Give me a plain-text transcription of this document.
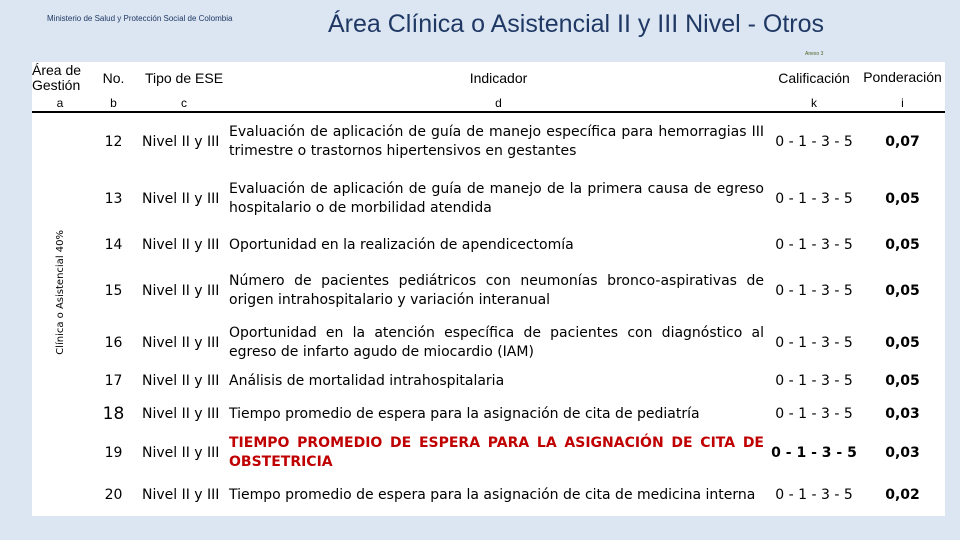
Ministerio de Salud y Protección Social de Colombia	Área Clínica o Asistencial II y III Nivel - Otros
Anexo 3
Área de Gestión	No.	Tipo de ESE	Indicador	Calificación	Ponderación
a	b	c	d	k	i
Clínica o Asistencial 40%	12	Nivel II y III	Evaluación de aplicación de guía de manejo específica para hemorragias III trimestre o trastornos hipertensivos en gestantes	0 - 1 - 3 - 5	0,07
	13	Nivel II y III	Evaluación de aplicación de guía de manejo de la primera causa de egreso hospitalario o de morbilidad atendida	0 - 1 - 3 - 5	0,05
	14	Nivel II y III	Oportunidad en la realización de apendicectomía	0 - 1 - 3 - 5	0,05
	15	Nivel II y III	Número de pacientes pediátricos con neumonías bronco-aspirativas de origen intrahospitalario y variación interanual	0 - 1 - 3 - 5	0,05
	16	Nivel II y III	Oportunidad en la atención específica de pacientes con diagnóstico al egreso de infarto agudo de miocardio (IAM)	0 - 1 - 3 - 5	0,05
	17	Nivel II y III	Análisis de mortalidad intrahospitalaria	0 - 1 - 3 - 5	0,05
	18	Nivel II y III	Tiempo promedio de espera para la asignación de cita de pediatría	0 - 1 - 3 - 5	0,03
	19	Nivel II y III	TIEMPO PROMEDIO DE ESPERA PARA LA ASIGNACIÓN DE CITA DE OBSTETRICIA	0 - 1 - 3 - 5	0,03
	20	Nivel II y III	Tiempo promedio de espera para la asignación de cita de medicina interna	0 - 1 - 3 - 5	0,02
